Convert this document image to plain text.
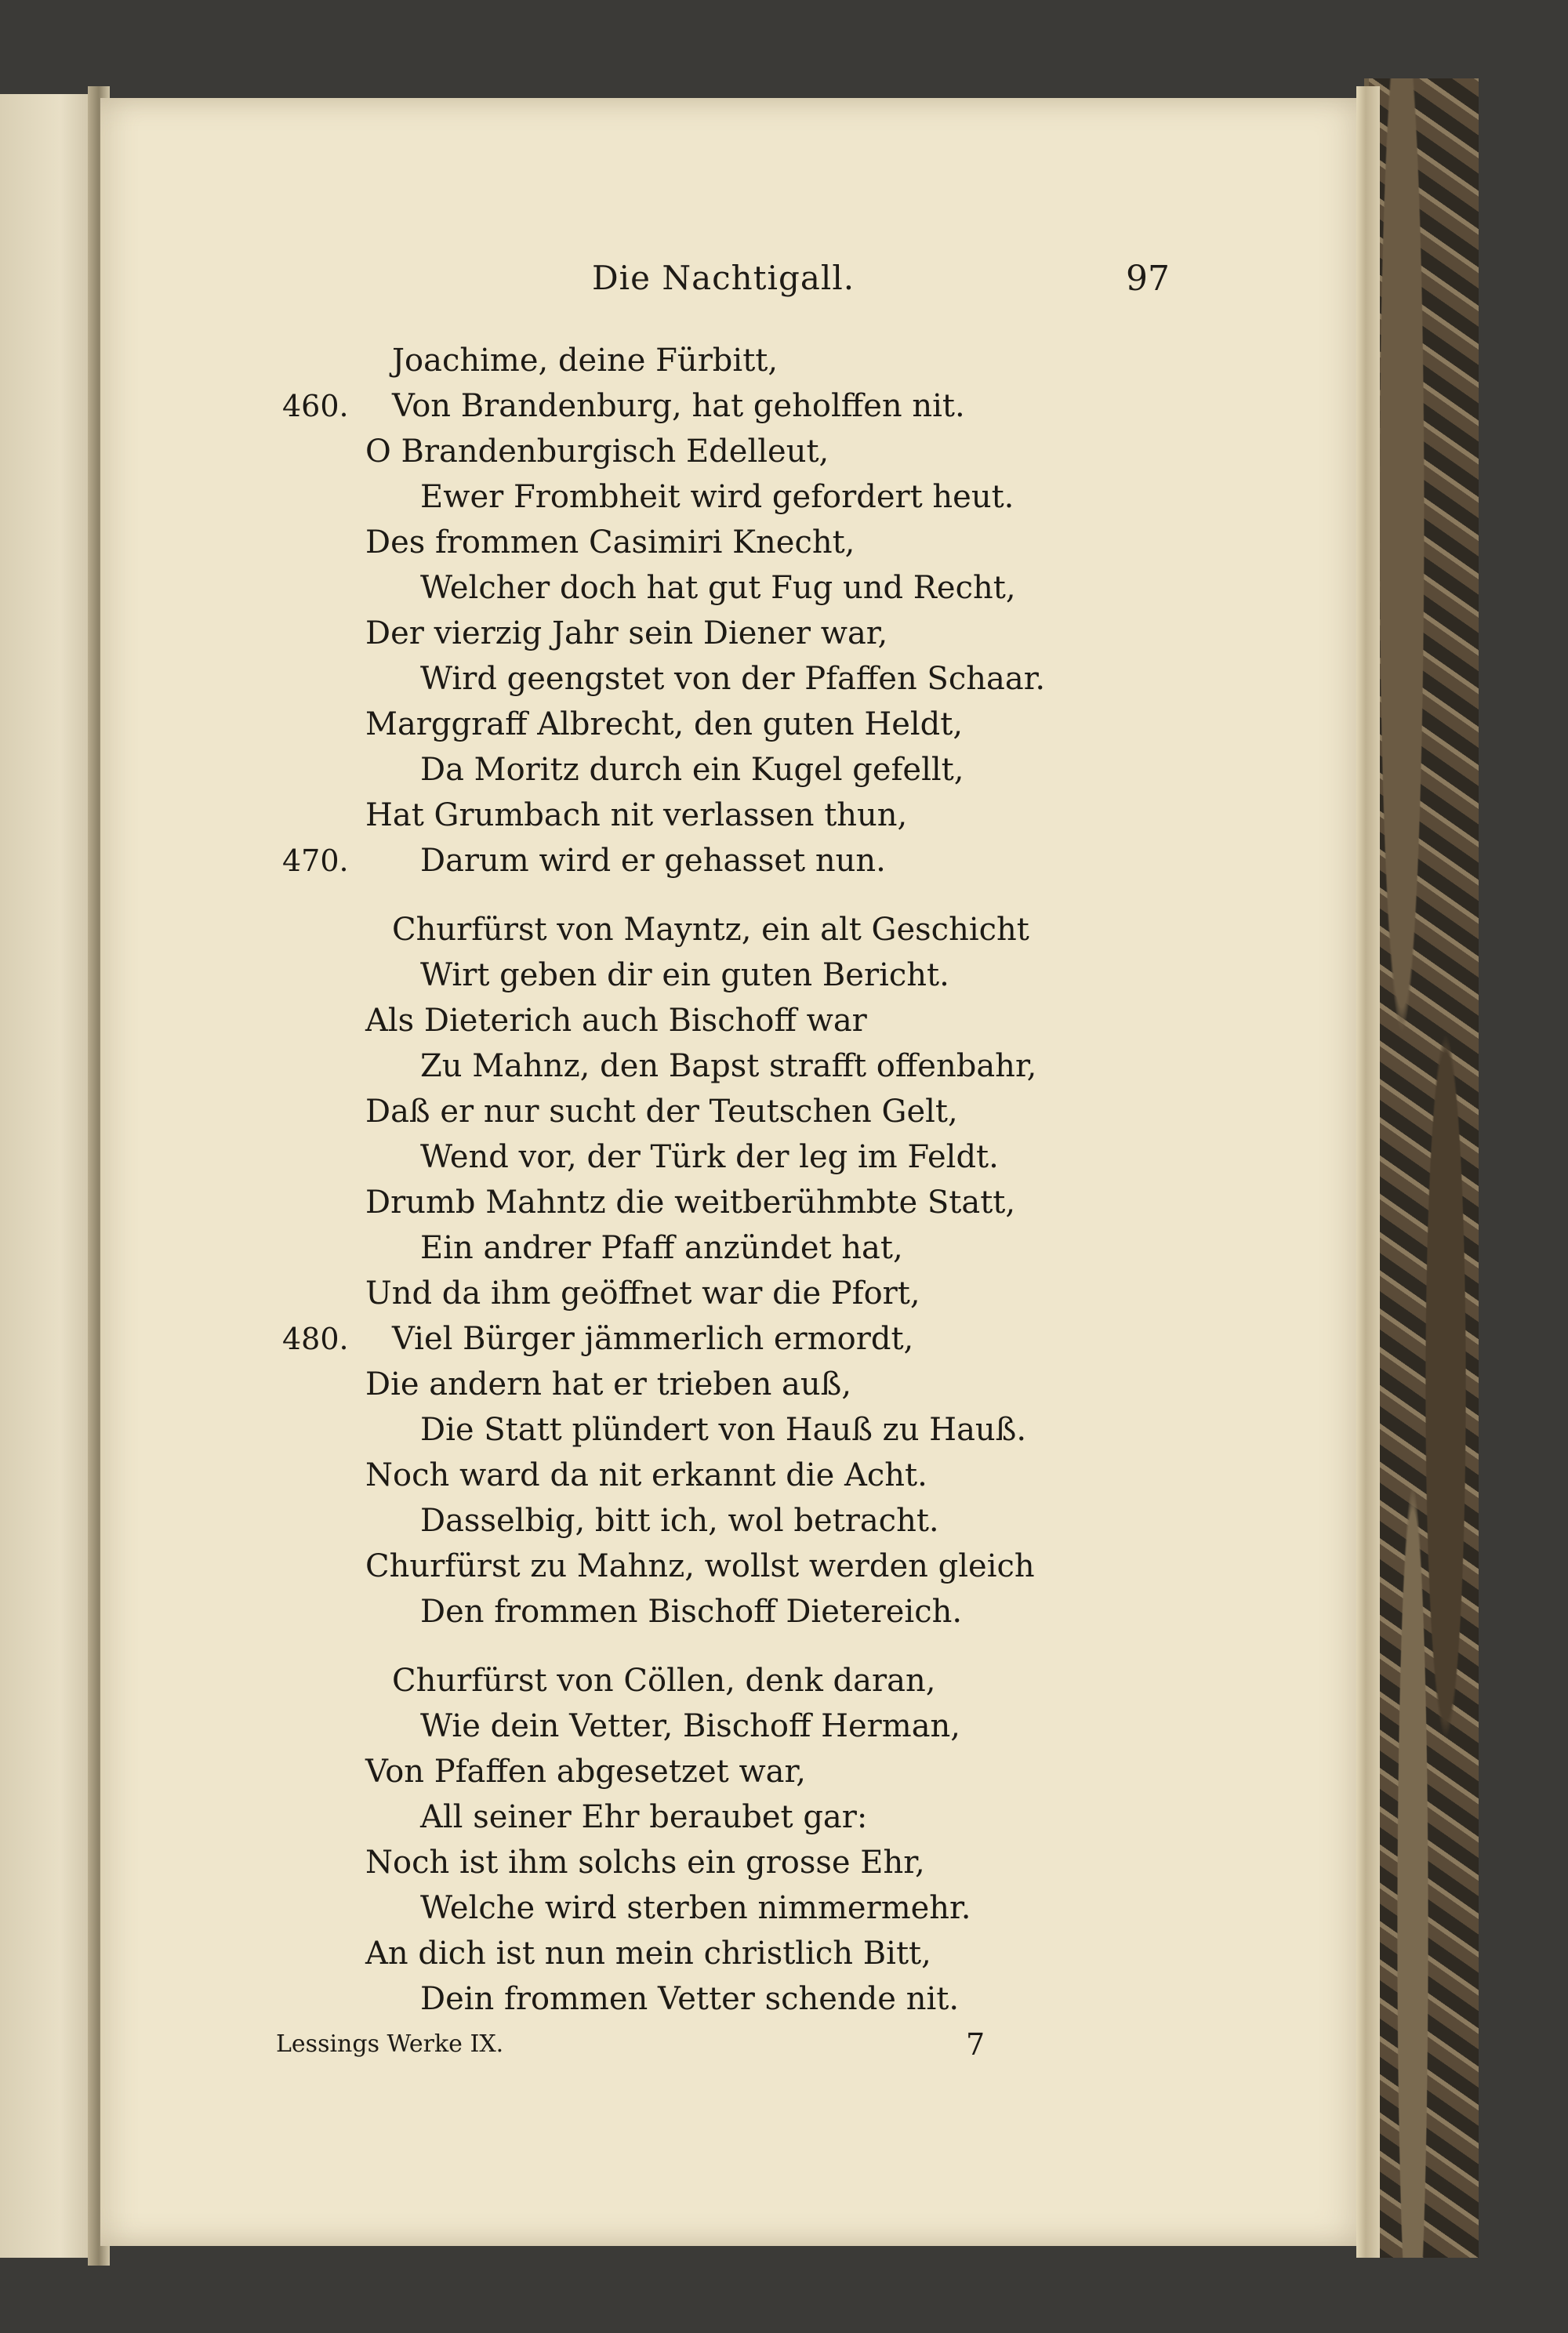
Die Nachtigall.	97
Joachime, deine Fürbitt,
Von Brandenburg, hat geholffen nit.
O Brandenburgisch Edelleut,
Ewer Frombheit wird gefordert heut.
Des frommen Casimiri Knecht,
Welcher doch hat gut Fug und Recht,
Der vierzig Jahr sein Diener war,
Wird geengstet von der Pfaffen Schaar.
Marggraff Albrecht, den guten Heldt,
Da Moritz durch ein Kugel gefellt,
Hat Grumbach nit verlassen thun,
Darum wird er gehasset nun.
Churfürst von Mayntz, ein alt Geschicht
Wirt geben dir ein guten Bericht.
Als Dieterich auch Bischoff war
Zu Mahnz, den Bapst strafft offenbahr,
Daß er nur sucht der Teutschen Gelt,
Wend vor, der Türk der leg im Feldt.
Drumb Mahntz die weitberühmbte Statt,
Ein andrer Pfaff anzündet hat,
Und da ihm geöffnet war die Pfort,
Viel Bürger jämmerlich ermordt,
Die andern hat er trieben auß,
Die Statt plündert von Hauß zu Hauß.
Noch ward da nit erkannt die Acht.
Dasselbig, bitt ich, wol betracht.
Churfürst zu Mahnz, wollst werden gleich
Den frommen Bischoff Dietereich.
Churfürst von Cöllen, denk daran,
Wie dein Vetter, Bischoff Herman,
Von Pfaffen abgesetzet war,
All seiner Ehr beraubet gar:
Noch ist ihm solchs ein grosse Ehr,
Welche wird sterben nimmermehr.
An dich ist nun mein christlich Bitt,
Dein frommen Vetter schende nit.
460.
470.
480.
Lessings Werke IX.	7
